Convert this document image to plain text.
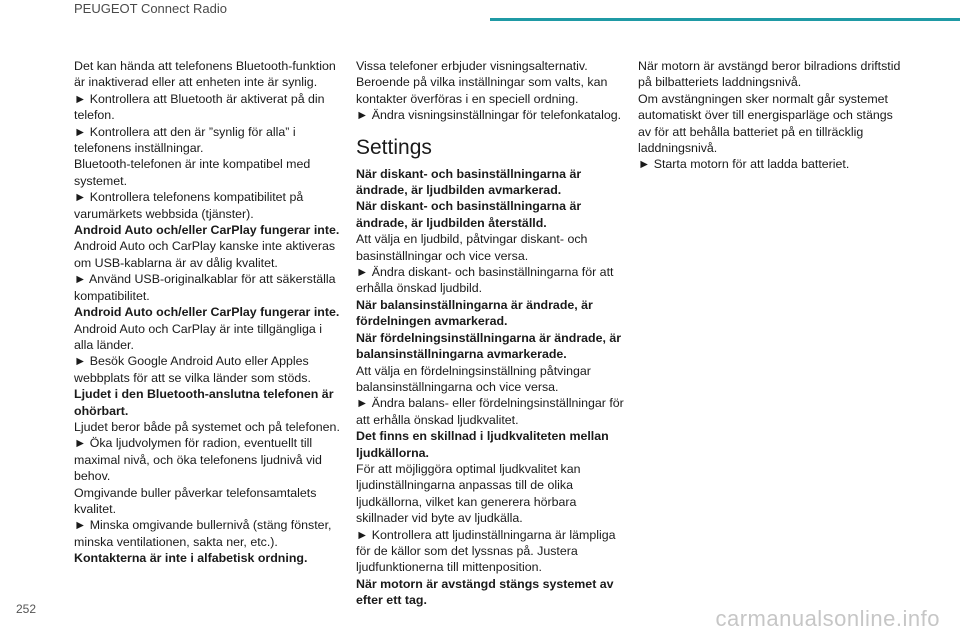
PEUGEOT Connect Radio

Det kan hända att telefonens Bluetooth-funktion är inaktiverad eller att enheten inte är synlig.

► Kontrollera att Bluetooth är aktiverat på din telefon.

► Kontrollera att den är ”synlig för alla” i telefonens inställningar.

Bluetooth-telefonen är inte kompatibel med systemet.

► Kontrollera telefonens kompatibilitet på varumärkets webbsida (tjänster).

Android Auto och/eller CarPlay fungerar inte.

Android Auto och CarPlay kanske inte aktiveras om USB-kablarna är av dålig kvalitet.

► Använd USB-originalkablar för att säkerställa kompatibilitet.

Android Auto och/eller CarPlay fungerar inte.

Android Auto och CarPlay är inte tillgängliga i alla länder.

► Besök Google Android Auto eller Apples webbplats för att se vilka länder som stöds.

Ljudet i den Bluetooth-anslutna telefonen är ohörbart.

Ljudet beror både på systemet och på telefonen.

► Öka ljudvolymen för radion, eventuellt till maximal nivå, och öka telefonens ljudnivå vid behov.

Omgivande buller påverkar telefonsamtalets kvalitet.

► Minska omgivande bullernivå (stäng fönster, minska ventilationen, sakta ner, etc.).

Kontakterna är inte i alfabetisk ordning.

Vissa telefoner erbjuder visningsalternativ. Beroende på vilka inställningar som valts, kan kontakter överföras i en speciell ordning.

► Ändra visningsinställningar för telefonkatalog.

Settings

När diskant- och basinställningarna är ändrade, är ljudbilden avmarkerad.

När diskant- och basinställningarna är ändrade, är ljudbilden återställd.

Att välja en ljudbild, påtvingar diskant- och basinställningar och vice versa.

► Ändra diskant- och basinställningarna för att erhålla önskad ljudbild.

När balansinställningarna är ändrade, är fördelningen avmarkerad.

När fördelningsinställningarna är ändrade, är balansinställningarna avmarkerade.

Att välja en fördelningsinställning påtvingar balansinställningarna och vice versa.

► Ändra balans- eller fördelningsinställningar för att erhålla önskad ljudkvalitet.

Det finns en skillnad i ljudkvaliteten mellan ljudkällorna.

För att möjliggöra optimal ljudkvalitet kan ljudinställningarna anpassas till de olika ljudkällorna, vilket kan generera hörbara skillnader vid byte av ljudkälla.

► Kontrollera att ljudinställningarna är lämpliga för de källor som det lyssnas på. Justera ljudfunktionerna till mittenposition.

När motorn är avstängd stängs systemet av efter ett tag.

När motorn är avstängd beror bilradions driftstid på bilbatteriets laddningsnivå.

Om avstängningen sker normalt går systemet automatiskt över till energisparläge och stängs av för att behålla batteriet på en tillräcklig laddningsnivå.

► Starta motorn för att ladda batteriet.

252	carmanualsonline.info
